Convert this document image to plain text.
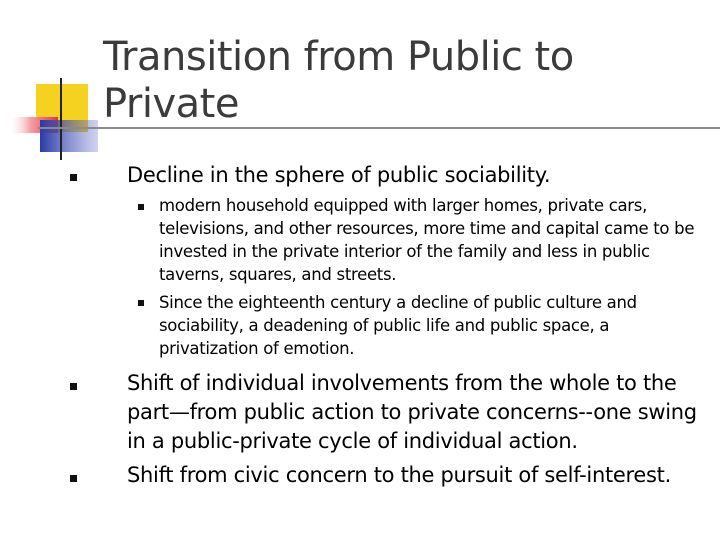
Transition from Public to Private
Decline in the sphere of public sociability.
modern household equipped with larger homes, private cars, televisions, and other resources, more time and capital came to be invested in the private interior of the family and less in public taverns, squares, and streets.
Since the eighteenth century a decline of public culture and sociability, a deadening of public life and public space, a privatization of emotion.
Shift of individual involvements from the whole to the part—from public action to private concerns--one swing in a public-private cycle of individual action.
Shift from civic concern to the pursuit of self-interest.
